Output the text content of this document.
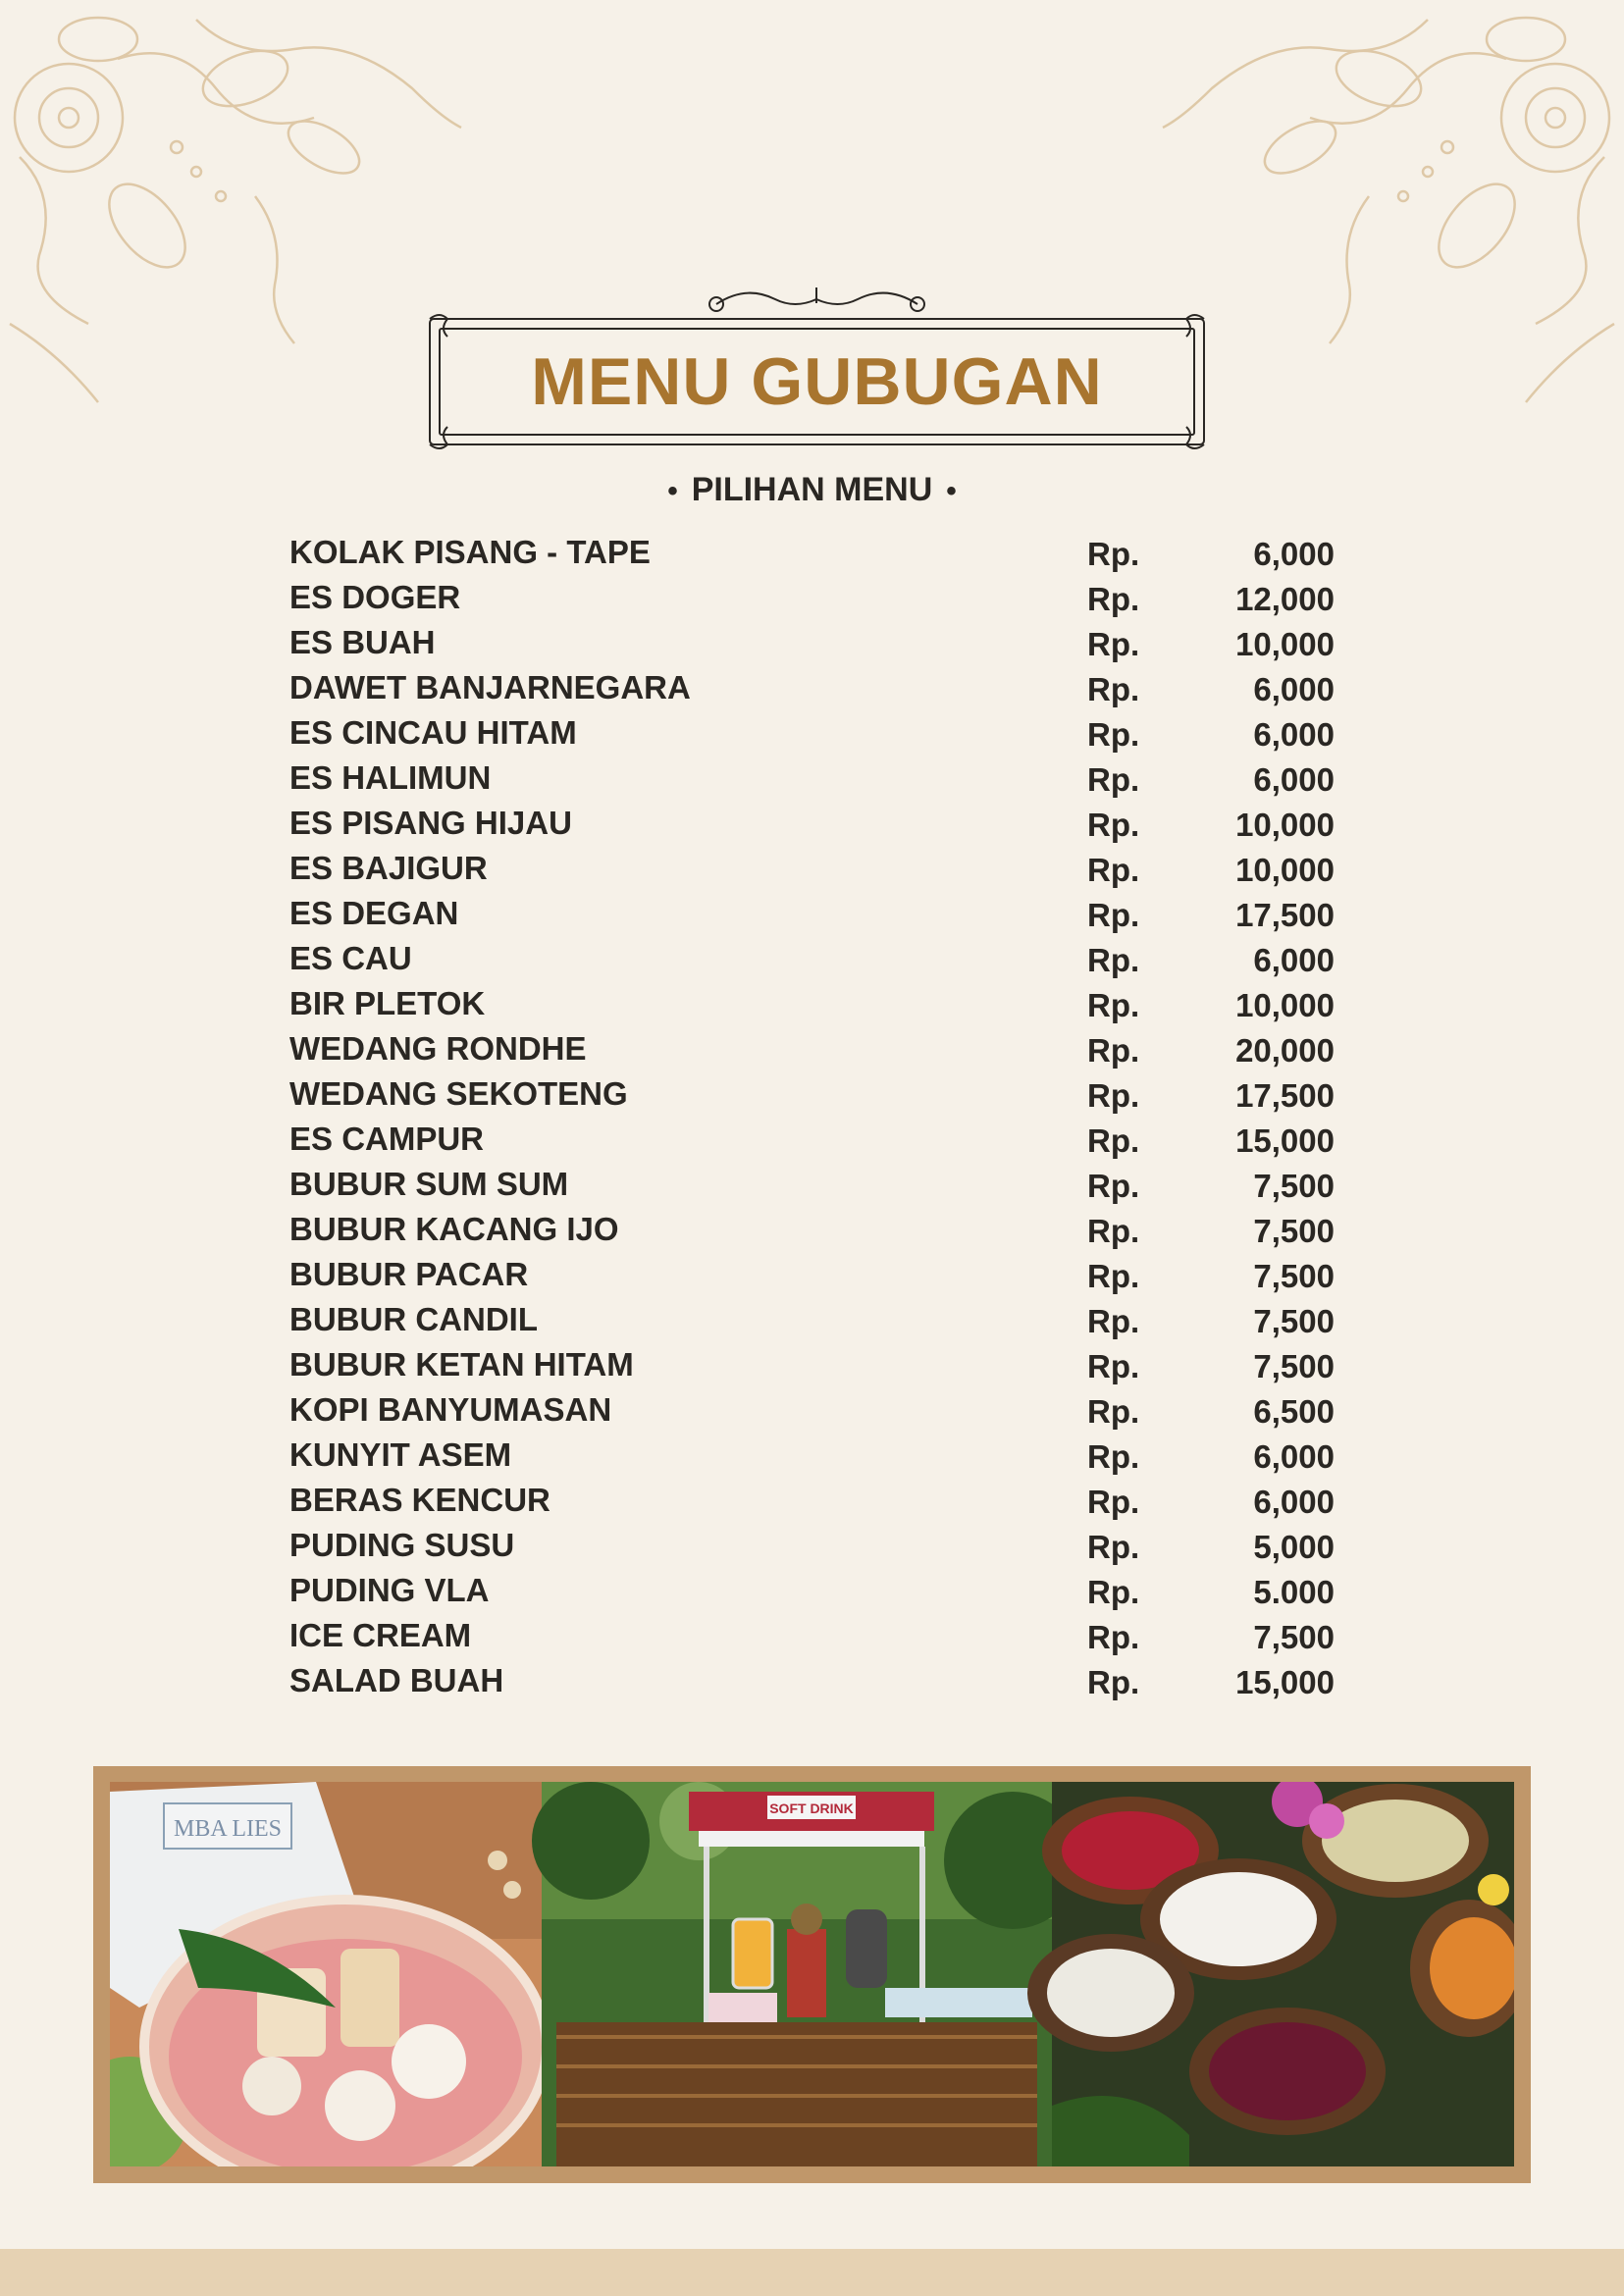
MENU GUBUGAN
• PILIHAN MENU •
KOLAK PISANG - TAPE	Rp.	6,000
ES DOGER	Rp.	12,000
ES BUAH	Rp.	10,000
DAWET BANJARNEGARA	Rp.	6,000
ES CINCAU HITAM	Rp.	6,000
ES HALIMUN	Rp.	6,000
ES PISANG HIJAU	Rp.	10,000
ES BAJIGUR	Rp.	10,000
ES DEGAN	Rp.	17,500
ES CAU	Rp.	6,000
BIR PLETOK	Rp.	10,000
WEDANG RONDHE	Rp.	20,000
WEDANG SEKOTENG	Rp.	17,500
ES CAMPUR	Rp.	15,000
BUBUR SUM SUM	Rp.	7,500
BUBUR KACANG IJO	Rp.	7,500
BUBUR PACAR	Rp.	7,500
BUBUR CANDIL	Rp.	7,500
BUBUR KETAN HITAM	Rp.	7,500
KOPI BANYUMASAN	Rp.	6,500
KUNYIT ASEM	Rp.	6,000
BERAS KENCUR	Rp.	6,000
PUDING SUSU	Rp.	5,000
PUDING VLA	Rp.	5.000
ICE CREAM	Rp.	7,500
SALAD BUAH	Rp.	15,000
MBA LIES
SOFT DRINK
